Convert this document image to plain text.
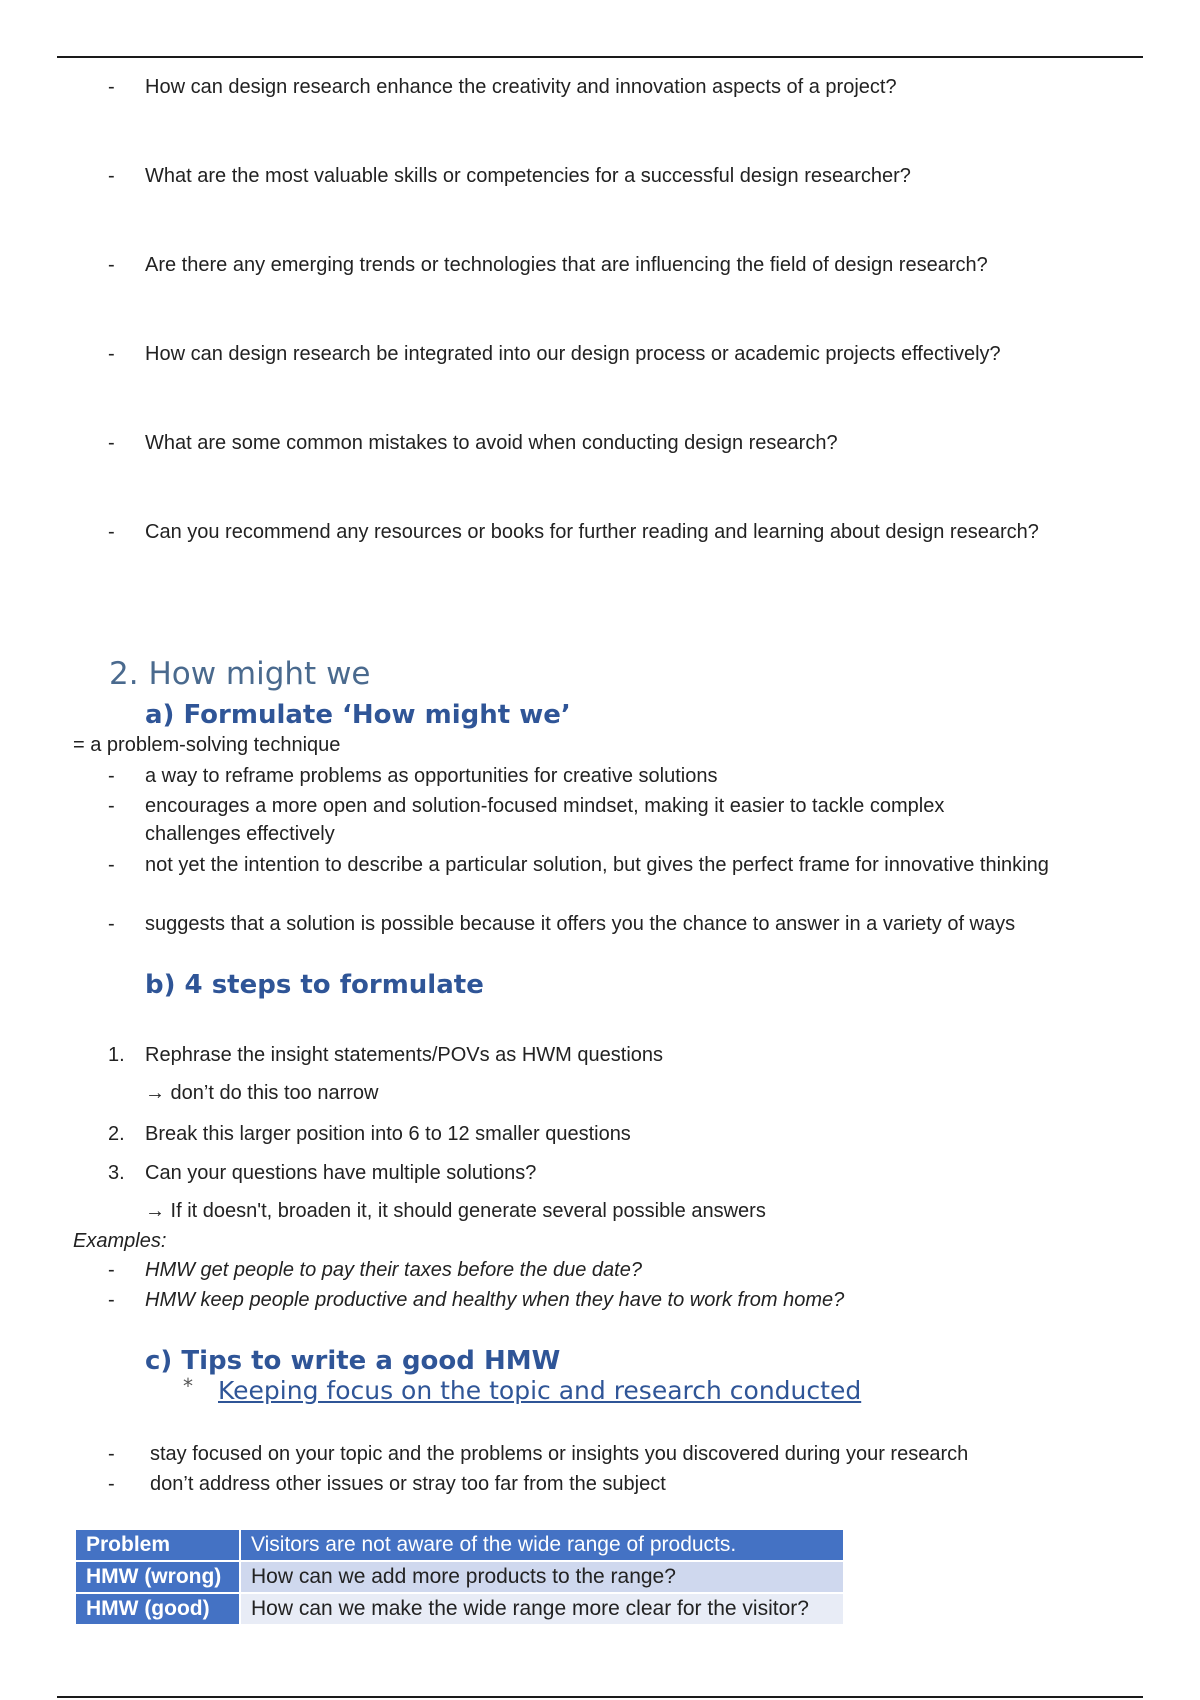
- How can design research enhance the creativity and innovation aspects of a project?
- What are the most valuable skills or competencies for a successful design researcher?
- Are there any emerging trends or technologies that are influencing the field of design research?
- How can design research be integrated into our design process or academic projects effectively?
- What are some common mistakes to avoid when conducting design research?
- Can you recommend any resources or books for further reading and learning about design research?
2. How might we
a) Formulate ‘How might we’
= a problem-solving technique
- a way to reframe problems as opportunities for creative solutions
- encourages a more open and solution-focused mindset, making it easier to tackle complex challenges effectively
- not yet the intention to describe a particular solution, but gives the perfect frame for innovative thinking
- suggests that a solution is possible because it offers you the chance to answer in a variety of ways
b) 4 steps to formulate
1. Rephrase the insight statements/POVs as HWM questions
→ don’t do this too narrow
2. Break this larger position into 6 to 12 smaller questions
3. Can your questions have multiple solutions?
→ If it doesn't, broaden it, it should generate several possible answers
Examples:
- HMW get people to pay their taxes before the due date?
- HMW keep people productive and healthy when they have to work from home?
c) Tips to write a good HMW
* Keeping focus on the topic and research conducted
- stay focused on your topic and the problems or insights you discovered during your research
- don’t address other issues or stray too far from the subject
Problem	Visitors are not aware of the wide range of products.
HMW (wrong)	How can we add more products to the range?
HMW (good)	How can we make the wide range more clear for the visitor?
